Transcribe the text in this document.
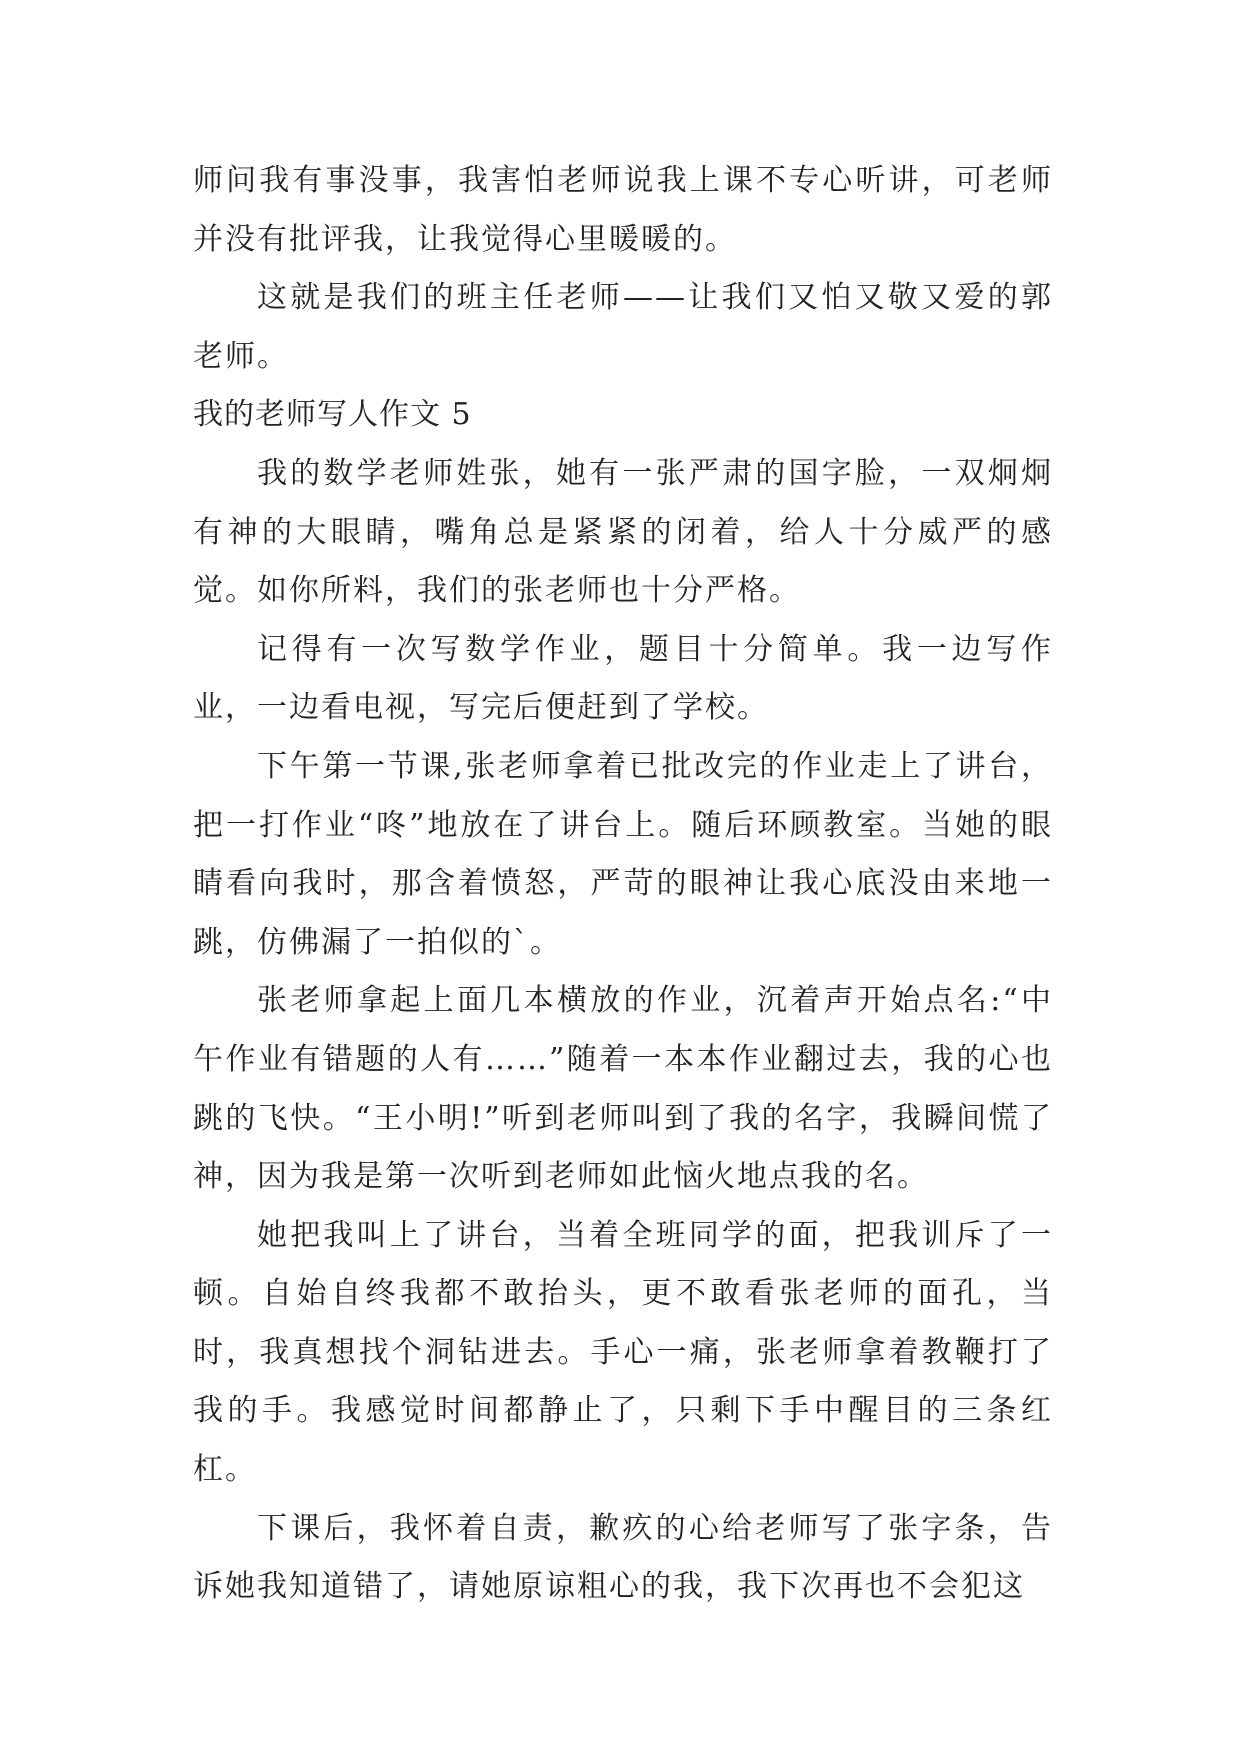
师问我有事没事，我害怕老师说我上课不专心听讲，可老师并没有批评我，让我觉得心里暖暖的。

这就是我们的班主任老师——让我们又怕又敬又爱的郭老师。

我的老师写人作文 5

我的数学老师姓张，她有一张严肃的国字脸，一双炯炯有神的大眼睛，嘴角总是紧紧的闭着，给人十分威严的感觉。如你所料，我们的张老师也十分严格。

记得有一次写数学作业，题目十分简单。我一边写作业，一边看电视，写完后便赶到了学校。

下午第一节课,张老师拿着已批改完的作业走上了讲台，把一打作业“咚”地放在了讲台上。随后环顾教室。当她的眼睛看向我时，那含着愤怒，严苛的眼神让我心底没由来地一跳，仿佛漏了一拍似的`。

张老师拿起上面几本横放的作业，沉着声开始点名:“中午作业有错题的人有……”随着一本本作业翻过去，我的心也跳的飞快。“王小明!”听到老师叫到了我的名字，我瞬间慌了神，因为我是第一次听到老师如此恼火地点我的名。

她把我叫上了讲台，当着全班同学的面，把我训斥了一顿。自始自终我都不敢抬头，更不敢看张老师的面孔，当时，我真想找个洞钻进去。手心一痛，张老师拿着教鞭打了我的手。我感觉时间都静止了，只剩下手中醒目的三条红杠。

下课后，我怀着自责，歉疚的心给老师写了张字条，告诉她我知道错了，请她原谅粗心的我，我下次再也不会犯这
